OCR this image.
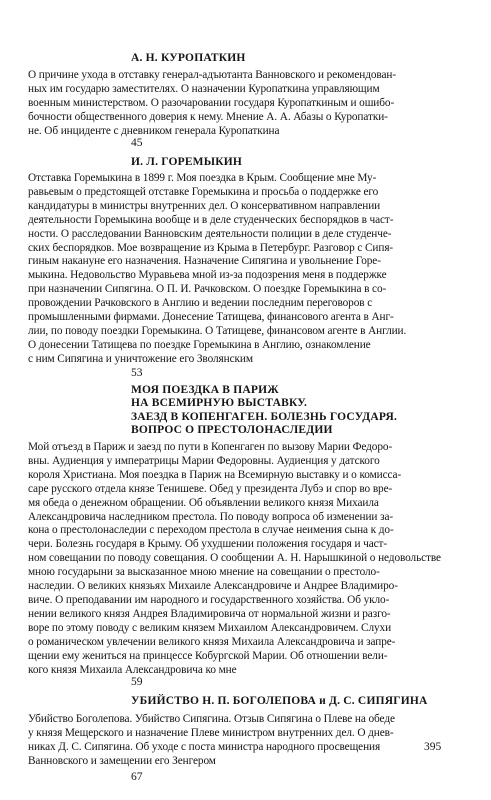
А. Н. КУРОПАТКИН
О причине ухода в отставку генерал-адъютанта Ванновского и рекомендован-
ных им государю заместителях. О назначении Куропаткина управляющим
военным министерством. О разочаровании государя Куропаткиным и ошибо-
бочности общественного доверия к нему. Мнение А. А. Абазы о Куропатки-
не. Об инциденте с дневником генерала Куропаткина
45
И. Л. ГОРЕМЫКИН
Отставка Горемыкина в 1899 г. Моя поездка в Крым. Сообщение мне Му-
равьевым о предстоящей отставке Горемыкина и просьба о поддержке его
кандидатуры в министры внутренних дел. О консервативном направлении
деятельности Горемыкина вообще и в деле студенческих беспорядков в част-
ности. О расследовании Ванновским деятельности полиции в деле студенче-
ских беспорядков. Мое возвращение из Крыма в Петербург. Разговор с Сипя-
гиным накануне его назначения. Назначение Сипягина и увольнение Горе-
мыкина. Недовольство Муравьева мной из-за подозрения меня в поддержке
при назначении Сипягина. О П. И. Рачковском. О поездке Горемыкина в со-
провождении Рачковского в Англию и ведении последним переговоров с
промышленными фирмами. Донесение Татищева, финансового агента в Анг-
лии, по поводу поездки Горемыкина. О Татищеве, финансовом агенте в Англии.
О донесении Татищева по поездке Горемыкина в Англию, ознакомление
с ним Сипягина и уничтожение его Зволянским
53
МОЯ ПОЕЗДКА В ПАРИЖ
НА ВСЕМИРНУЮ ВЫСТАВКУ.
ЗАЕЗД В КОПЕНГАГЕН. БОЛЕЗНЬ ГОСУДАРЯ.
ВОПРОС О ПРЕСТОЛОНАСЛЕДИИ
Мой отъезд в Париж и заезд по пути в Копенгаген по вызову Марии Федоро-
вны. Аудиенция у императрицы Марии Федоровны. Аудиенция у датского
короля Христиана. Моя поездка в Париж на Всемирную выставку и о комисса-
саре русского отдела князе Тенишеве. Обед у президента Лубэ и спор во вре-
мя обеда о денежном обращении. Об объявлении великого князя Михаила
Александровича наследником престола. По поводу вопроса об изменении за-
кона о престолонаследии с переходом престола в случае неимения сына к до-
чери. Болезнь государя в Крыму. Об ухудшении положения государя и част-
ном совещании по поводу совещания. О сообщении А. Н. Нарышкиной о недовольстве
мною государыни за высказанное мною мнение на совещании о престоло-
наследии. О великих князьях Михаиле Александровиче и Андрее Владимиро-
виче. О преподавании им народного и государственного хозяйства. Об укло-
нении великого князя Андрея Владимировича от нормальной жизни и разго-
воре по этому поводу с великим князем Михаилом Александровичем. Слухи
о романическом увлечении великого князя Михаила Александровича и запре-
щении ему жениться на принцессе Кобургской Марии. Об отношении вели-
кого князя Михаила Александровича ко мне
59
УБИЙСТВО Н. П. БОГОЛЕПОВА и Д. С. СИПЯГИНА
Убийство Боголепова. Убийство Сипягина. Отзыв Сипягина о Плеве на обеде
у князя Мещерского и назначение Плеве министром внутренних дел. О днев-
никах Д. С. Сипягина. Об уходе с поста министра народного просвещения
Ванновского и замещении его Зенгером
67
395
